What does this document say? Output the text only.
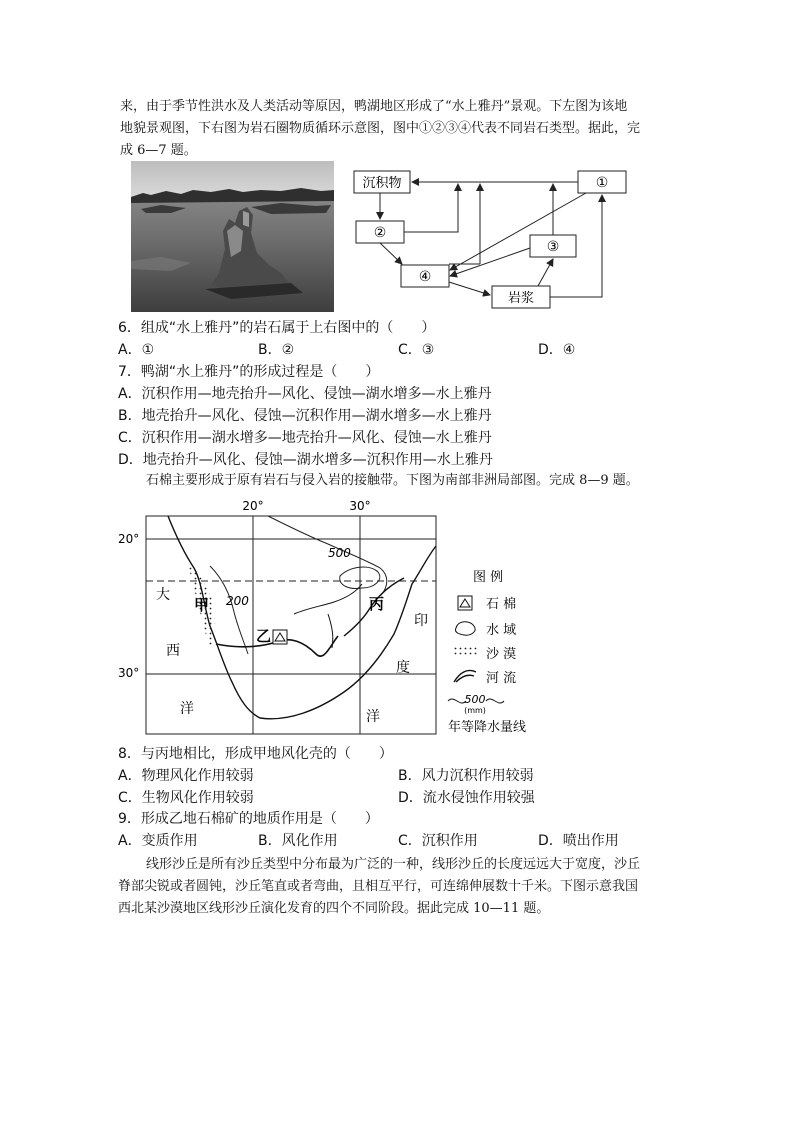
来，由于季节性洪水及人类活动等原因，鸭湖地区形成了“水上雅丹”景观。下左图为该地
地貌景观图，下右图为岩石圈物质循环示意图，图中①②③④代表不同岩石类型。据此，完
成 6—7 题。
沉积物	①
②
③
④
岩浆
6．组成“水上雅丹”的岩石属于上右图中的（　　）
A．①	B．②	C．③	D．④
7．鸭湖“水上雅丹”的形成过程是（　　）
A．沉积作用—地壳抬升—风化、侵蚀—湖水增多—水上雅丹
B．地壳抬升—风化、侵蚀—沉积作用—湖水增多—水上雅丹
C．沉积作用—湖水增多—地壳抬升—风化、侵蚀—水上雅丹
D．地壳抬升—风化、侵蚀—湖水增多—沉积作用—水上雅丹
石棉主要形成于原有岩石与侵入岩的接触带。下图为南部非洲局部图。完成 8—9 题。
20°	30°
20°
30°
500
200
甲
乙
丙
大
西
洋
印
度
洋
图 例
石 棉
水 域
沙 漠
河 流
500
(mm)
年等降水量线
8．与丙地相比，形成甲地风化壳的（　　）
A．物理风化作用较弱	B．风力沉积作用较弱
C．生物风化作用较弱	D．流水侵蚀作用较强
9．形成乙地石棉矿的地质作用是（　　）
A．变质作用	B．风化作用	C．沉积作用	D．喷出作用
线形沙丘是所有沙丘类型中分布最为广泛的一种，线形沙丘的长度远远大于宽度，沙丘
脊部尖锐或者圆钝，沙丘笔直或者弯曲，且相互平行，可连绵伸展数十千米。下图示意我国
西北某沙漠地区线形沙丘演化发育的四个不同阶段。据此完成 10—11 题。
